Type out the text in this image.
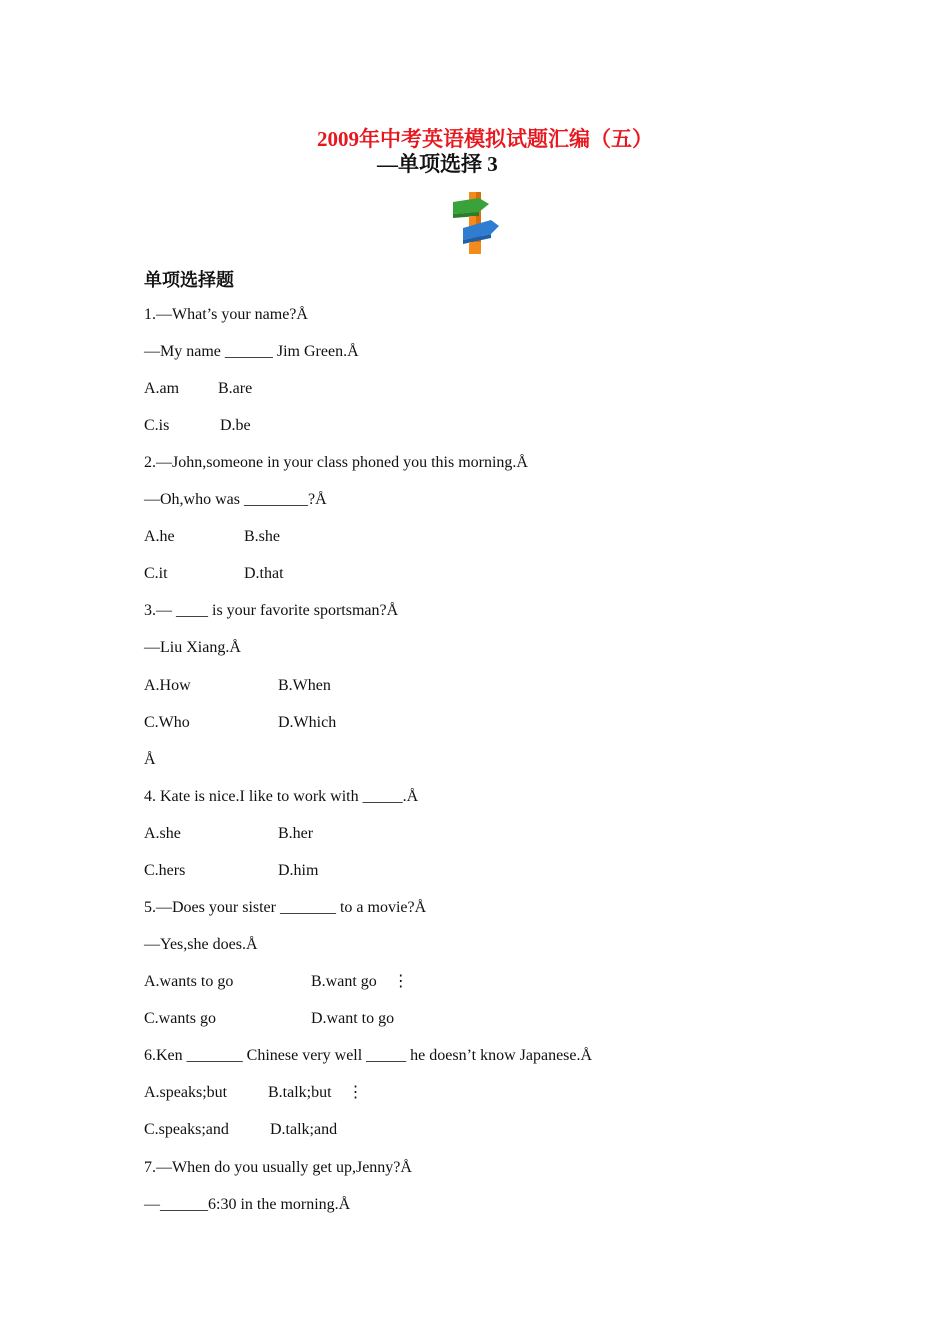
2009年中考英语模拟试题汇编（五）
—单项选择 3
单项选择题
1.—What’s your name?Å
—My name ______ Jim Green.Å
A.am B.are
C.is	D.be
2.—John,someone in your class phoned you this morning.Å
—Oh,who was ________?Å
A.he	B.she
C.it	D.that
3.— ____ is your favorite sportsman?Å
—Liu Xiang.Å
A.How	B.When
C.Who	D.Which
Å
4. Kate is nice.I like to work with _____.Å
A.she	B.her
C.hers	D.him
5.—Does your sister _______ to a movie?Å
—Yes,she does.Å
A.wants to go	B.want go    ⋮
C.wants go	D.want to go
6.Ken _______ Chinese very well _____ he doesn’t know Japanese.Å
A.speaks;but	B.talk;but    ⋮
C.speaks;and	D.talk;and
7.—When do you usually get up,Jenny?Å
—______6:30 in the morning.Å
